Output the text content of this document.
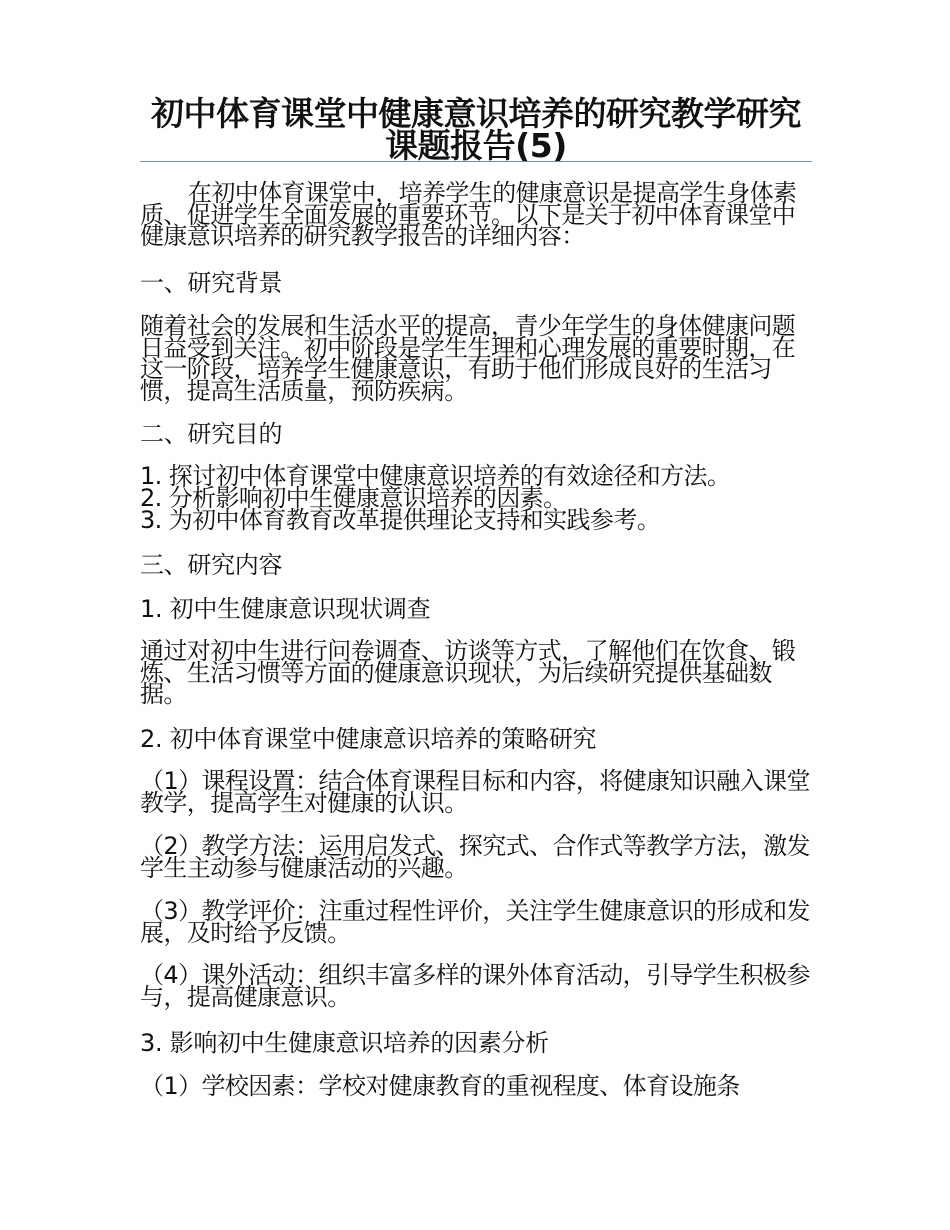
初中体育课堂中健康意识培养的研究教学研究课题报告(5)

在初中体育课堂中，培养学生的健康意识是提高学生身体素质、促进学生全面发展的重要环节。以下是关于初中体育课堂中健康意识培养的研究教学报告的详细内容：

一、研究背景

随着社会的发展和生活水平的提高，青少年学生的身体健康问题日益受到关注。初中阶段是学生生理和心理发展的重要时期，在这一阶段，培养学生健康意识，有助于他们形成良好的生活习惯，提高生活质量，预防疾病。

二、研究目的

1. 探讨初中体育课堂中健康意识培养的有效途径和方法。

2. 分析影响初中生健康意识培养的因素。

3. 为初中体育教育改革提供理论支持和实践参考。

三、研究内容

1. 初中生健康意识现状调查

通过对初中生进行问卷调查、访谈等方式，了解他们在饮食、锻炼、生活习惯等方面的健康意识现状，为后续研究提供基础数据。

2. 初中体育课堂中健康意识培养的策略研究

（1）课程设置：结合体育课程目标和内容，将健康知识融入课堂教学，提高学生对健康的认识。

（2）教学方法：运用启发式、探究式、合作式等教学方法，激发学生主动参与健康活动的兴趣。

（3）教学评价：注重过程性评价，关注学生健康意识的形成和发展，及时给予反馈。

（4）课外活动：组织丰富多样的课外体育活动，引导学生积极参与，提高健康意识。

3. 影响初中生健康意识培养的因素分析

（1）学校因素：学校对健康教育的重视程度、体育设施条
